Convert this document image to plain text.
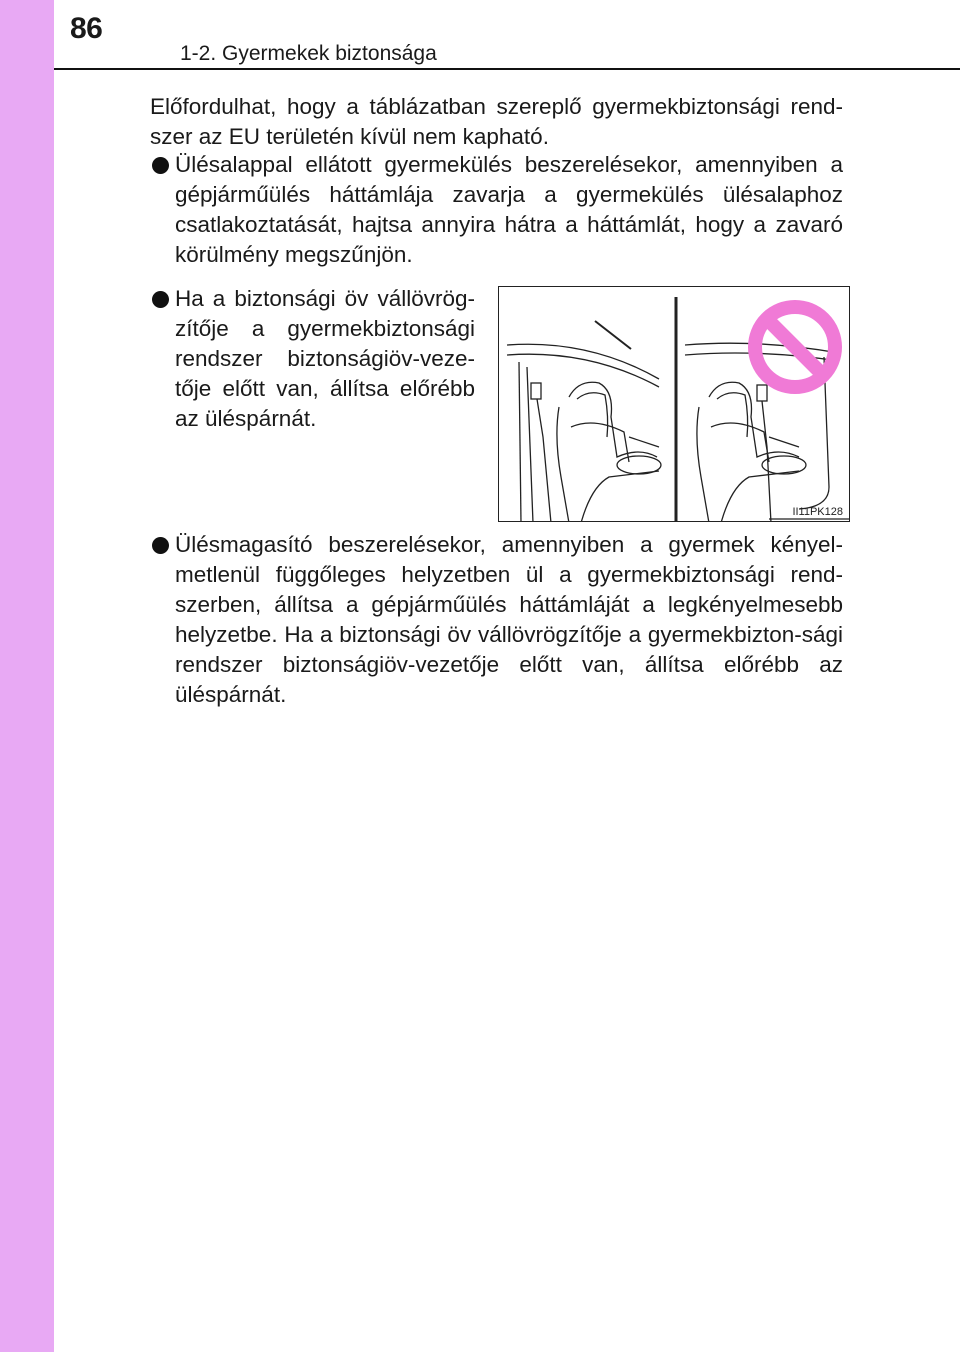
86
1-2. Gyermekek biztonsága
Előfordulhat, hogy a táblázatban szereplő gyermekbiztonsági rend-szer az EU területén kívül nem kapható.
Ülésalappal ellátott gyermekülés beszerelésekor, amennyiben a gépjárműülés háttámlája zavarja a gyermekülés ülésalaphoz csatlakoztatását, hajtsa annyira hátra a háttámlát, hogy a zavaró körülmény megszűnjön.
Ha a biztonsági öv vállövrög-zítője a gyermekbiztonsági rendszer biztonságiöv-veze-tője előtt van, állítsa előrébb az üléspárnát.
II11PK128
Ülésmagasító beszerelésekor, amennyiben a gyermek kényel-metlenül függőleges helyzetben ül a gyermekbiztonsági rend-szerben, állítsa a gépjárműülés háttámláját a legkényelmesebb helyzetbe. Ha a biztonsági öv vállövrögzítője a gyermekbizton-sági rendszer biztonságiöv-vezetője előtt van, állítsa előrébb az üléspárnát.
